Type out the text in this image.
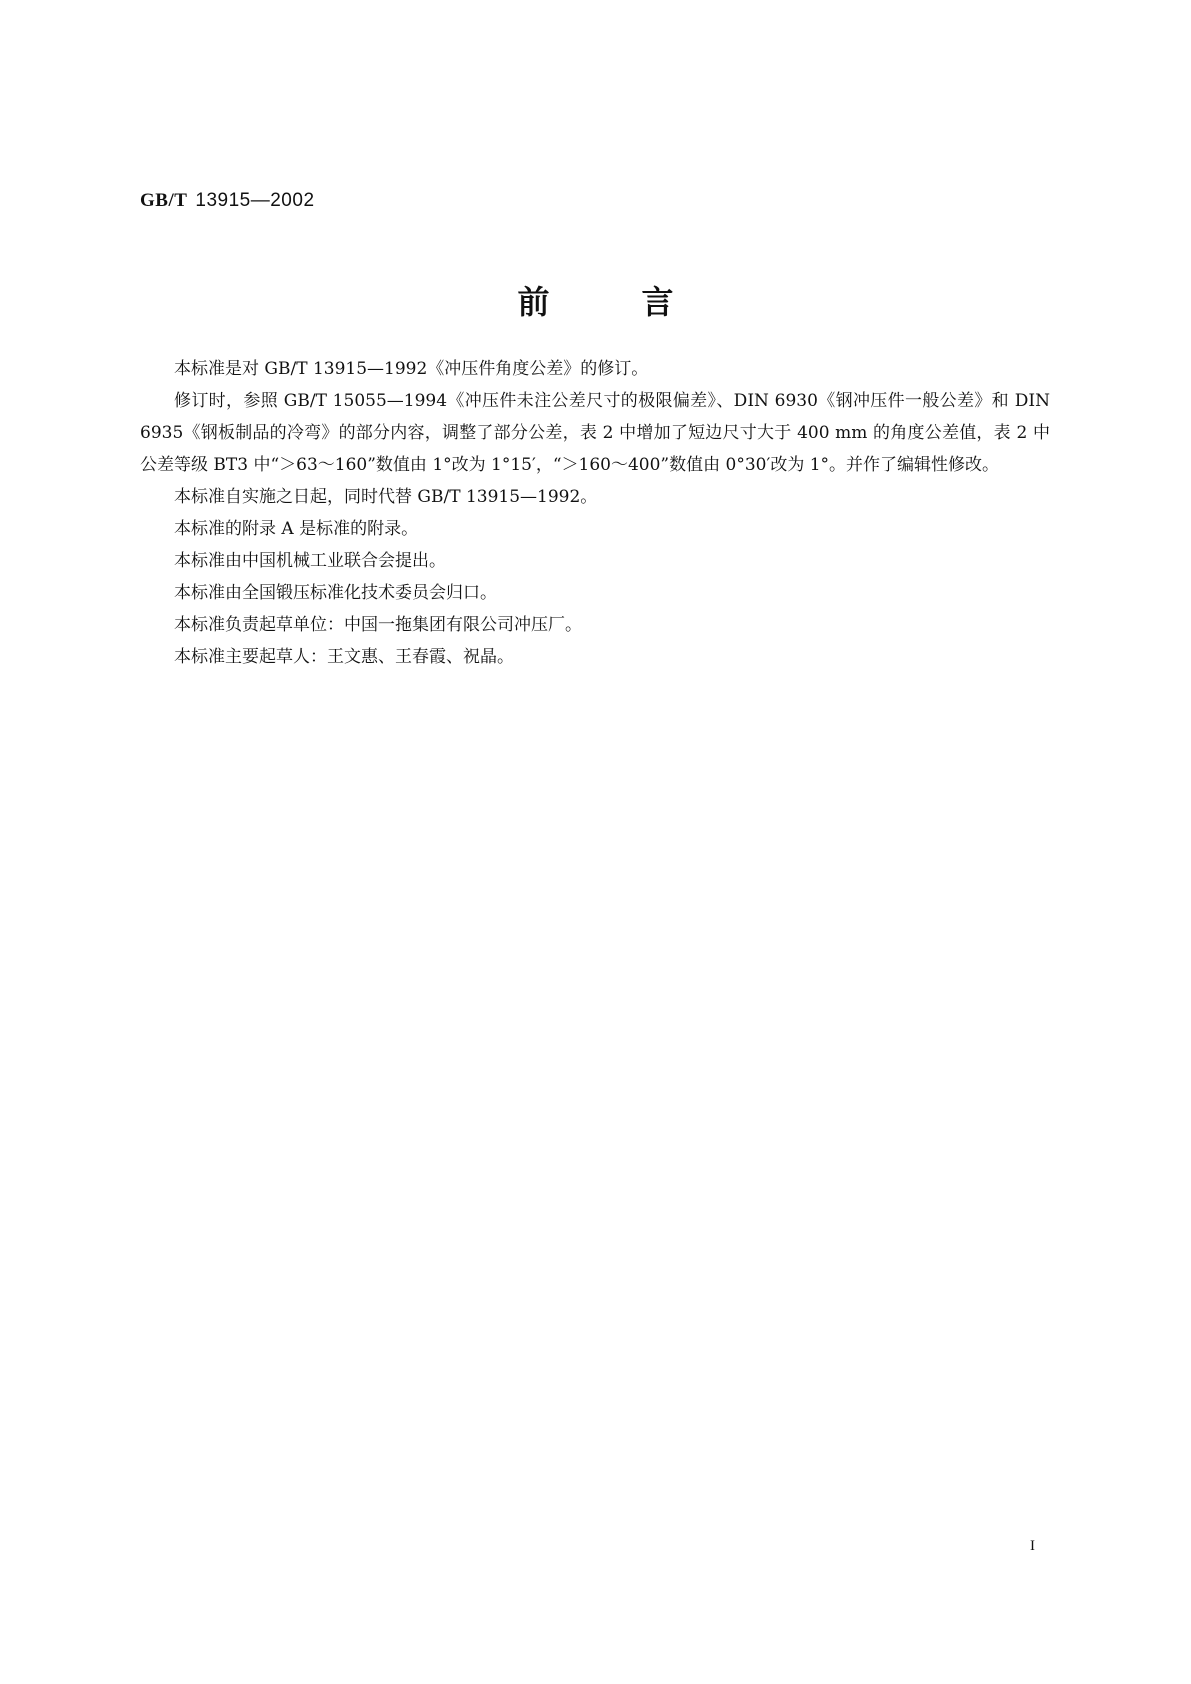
GB/T 13915—2002
前	言

本标准是对 GB/T 13915—1992《冲压件角度公差》的修订。

修订时，参照 GB/T 15055—1994《冲压件未注公差尺寸的极限偏差》、DIN 6930《钢冲压件一般公差》和 DIN 6935《钢板制品的冷弯》的部分内容，调整了部分公差，表 2 中增加了短边尺寸大于 400 mm 的角度公差值，表 2 中公差等级 BT3 中“＞63～160”数值由 1°改为 1°15′，“＞160～400”数值由 0°30′改为 1°。并作了编辑性修改。

本标准自实施之日起，同时代替 GB/T 13915—1992。

本标准的附录 A 是标准的附录。

本标准由中国机械工业联合会提出。

本标准由全国锻压标准化技术委员会归口。

本标准负责起草单位：中国一拖集团有限公司冲压厂。

本标准主要起草人：王文惠、王春霞、祝晶。

I
